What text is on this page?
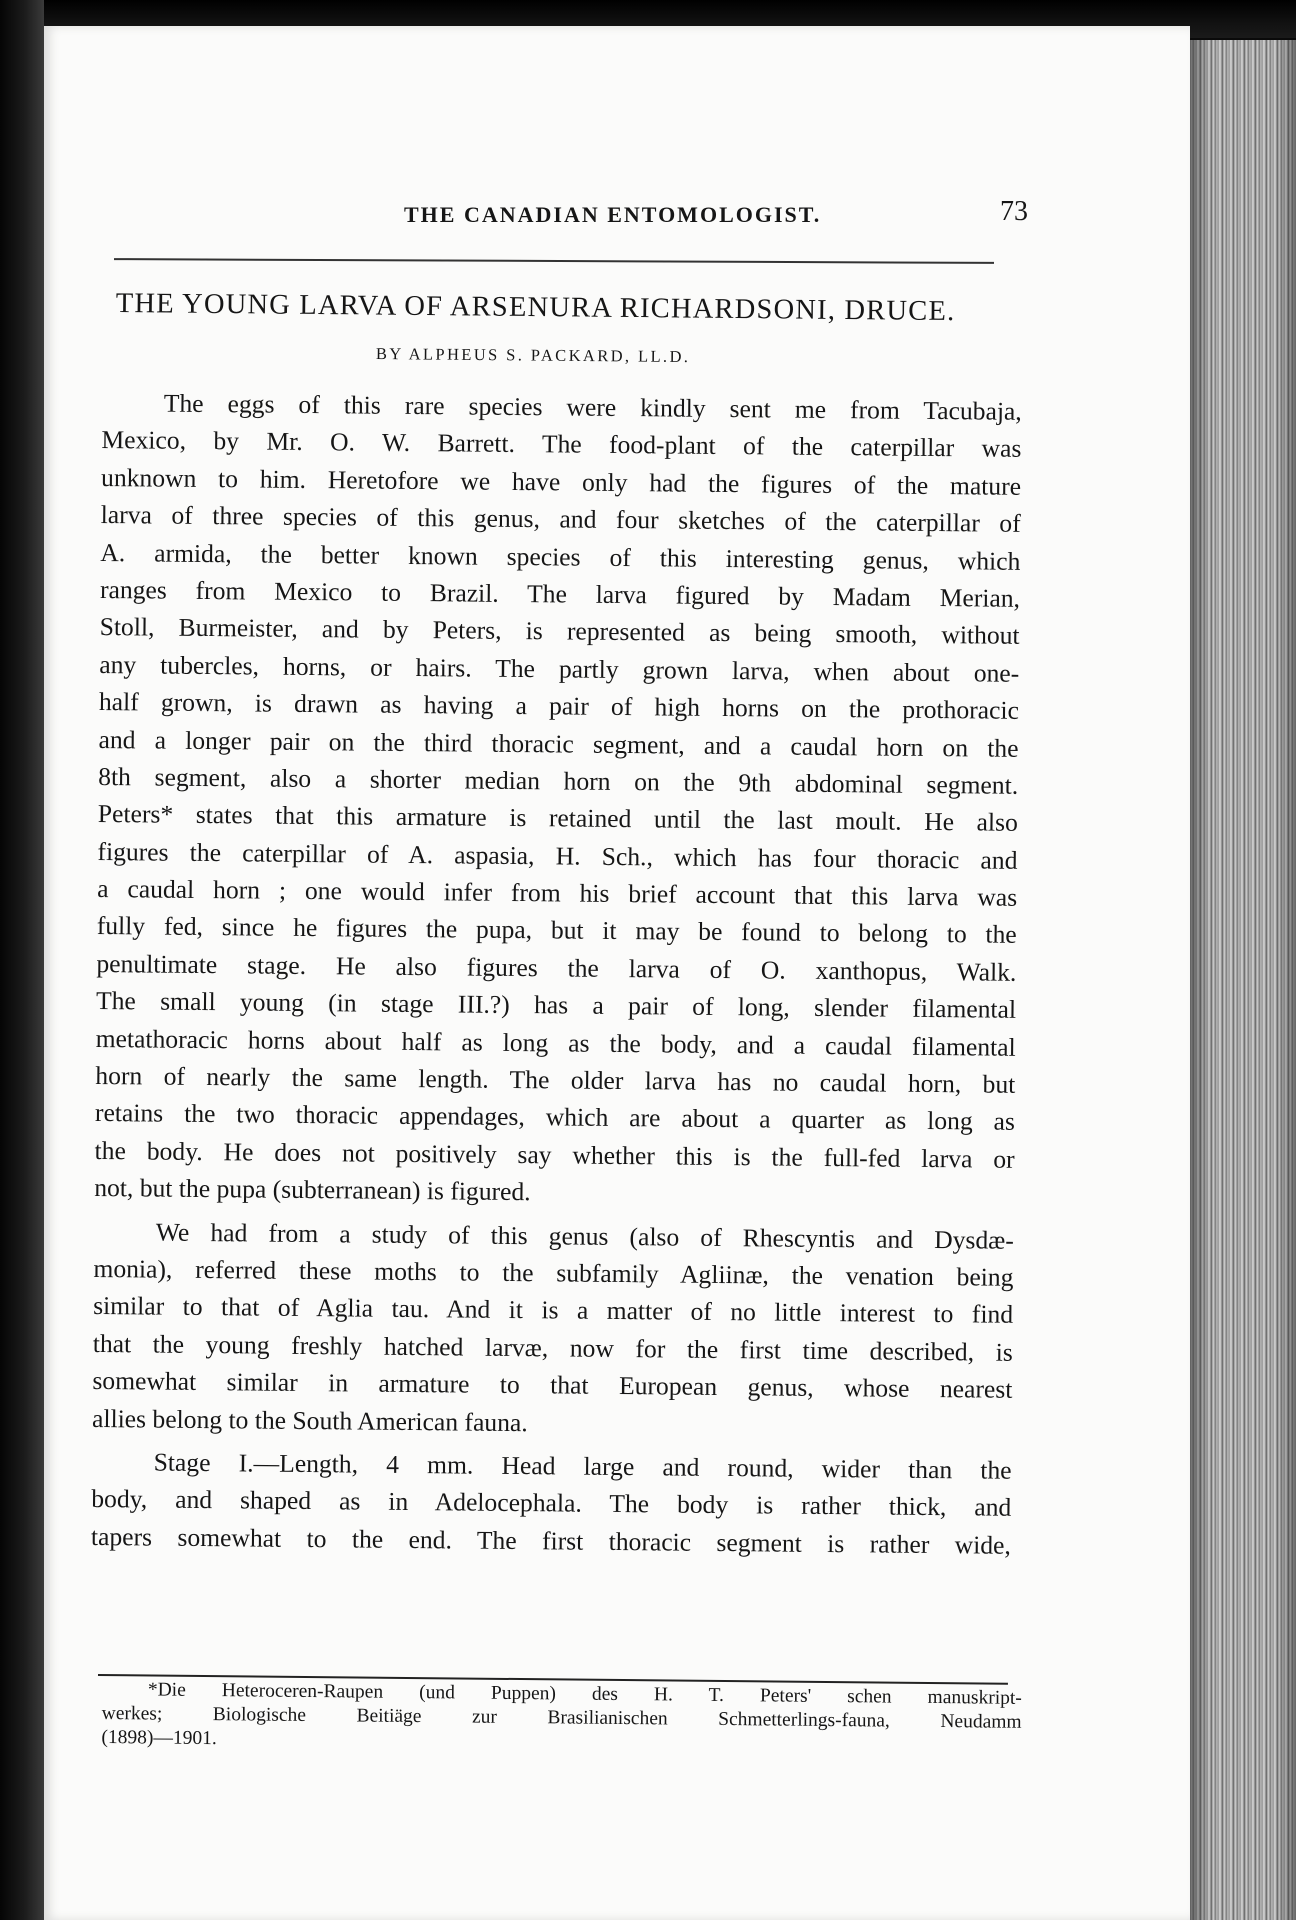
THE CANADIAN ENTOMOLOGIST.	73
THE YOUNG LARVA OF ARSENURA RICHARDSONI, DRUCE.
BY ALPHEUS S. PACKARD, LL.D.
The eggs of this rare species were kindly sent me from Tacubaja,
Mexico, by Mr. O. W. Barrett. The food-plant of the caterpillar was
unknown to him. Heretofore we have only had the figures of the mature
larva of three species of this genus, and four sketches of the caterpillar of
A. armida, the better known species of this interesting genus, which
ranges from Mexico to Brazil. The larva figured by Madam Merian,
Stoll, Burmeister, and by Peters, is represented as being smooth, without
any tubercles, horns, or hairs. The partly grown larva, when about one-
half grown, is drawn as having a pair of high horns on the prothoracic
and a longer pair on the third thoracic segment, and a caudal horn on the
8th segment, also a shorter median horn on the 9th abdominal segment.
Peters* states that this armature is retained until the last moult. He also
figures the caterpillar of A. aspasia, H. Sch., which has four thoracic and
a caudal horn ; one would infer from his brief account that this larva was
fully fed, since he figures the pupa, but it may be found to belong to the
penultimate stage. He also figures the larva of O. xanthopus, Walk.
The small young (in stage III.?) has a pair of long, slender filamental
metathoracic horns about half as long as the body, and a caudal filamental
horn of nearly the same length. The older larva has no caudal horn, but
retains the two thoracic appendages, which are about a quarter as long as
the body. He does not positively say whether this is the full-fed larva or
not, but the pupa (subterranean) is figured.
We had from a study of this genus (also of Rhescyntis and Dysdæ-
monia), referred these moths to the subfamily Agliinæ, the venation being
similar to that of Aglia tau. And it is a matter of no little interest to find
that the young freshly hatched larvæ, now for the first time described, is
somewhat similar in armature to that European genus, whose nearest
allies belong to the South American fauna.
Stage I.—Length, 4 mm. Head large and round, wider than the
body, and shaped as in Adelocephala. The body is rather thick, and
tapers somewhat to the end. The first thoracic segment is rather wide,
*Die Heteroceren-Raupen (und Puppen) des H. T. Peters' schen manuskript-
werkes; Biologische Beitiäge zur Brasilianischen Schmetterlings-fauna, Neudamm
(1898)—1901.
